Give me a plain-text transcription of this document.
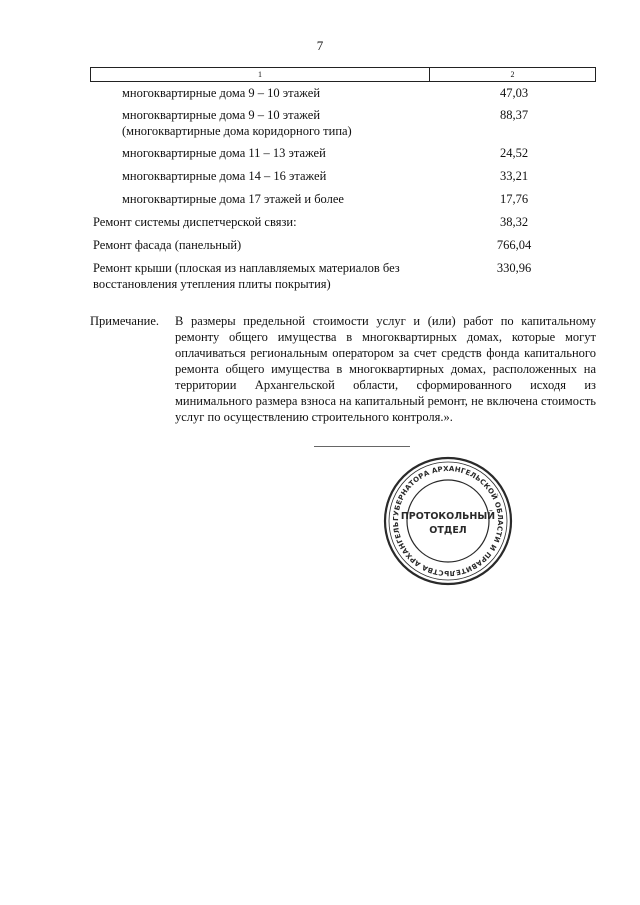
7
1	2
многоквартирные дома 9 – 10 этажей	47,03
многоквартирные дома 9 – 10 этажей
(многоквартирные дома коридорного типа)
88,37
многоквартирные дома 11 – 13 этажей	24,52
многоквартирные дома 14 – 16 этажей	33,21
многоквартирные дома 17 этажей и более	17,76
Ремонт системы диспетчерской связи:	38,32
Ремонт фасада (панельный)	766,04
Ремонт крыши (плоская из наплавляемых материалов без
восстановления утепления плиты покрытия)
330,96
Примечание. В размеры предельной стоимости услуг и (или) работ по капитальному ремонту общего имущества в многоквартирных домах, которые могут оплачиваться региональным оператором за счет средств фонда капитального ремонта общего имущества в многоквартирных домах, расположенных на территории Архангельской области, сформированного исходя из минимального размера взноса на капитальный ремонт, не включена стоимость услуг по осуществлению строительного контроля.».
ГУБЕРНАТОРА АРХАНГЕЛЬСКОЙ ОБЛАСТИ И ПРАВИТЕЛЬСТВА АРХАНГЕЛЬ
ПРОТОКОЛЬНЫЙ
ОТДЕЛ
